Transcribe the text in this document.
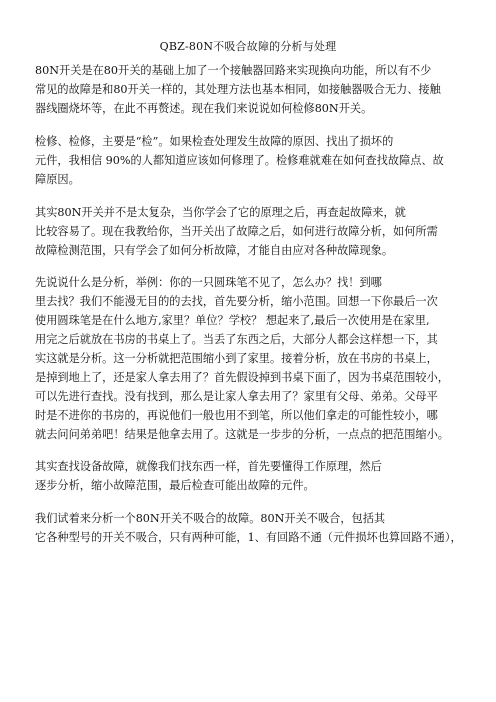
QBZ-80N不吸合故障的分析与处理
80N开关是在80开关的基础上加了一个接触器回路来实现换向功能，所以有不少
常见的故障是和80开关一样的，其处理方法也基本相同，如接触器吸合无力、接触
器线圈烧坏等，在此不再赘述。现在我们来说说如何检修80N开关。
检修、检修，主要是“检”。如果检查处理发生故障的原因、找出了损坏的
元件，我相信 90%的人都知道应该如何修理了。检修难就难在如何查找故障点、故
障原因。
其实80N开关并不是太复杂，当你学会了它的原理之后，再查起故障来，就
比较容易了。现在我教给你，当开关出了故障之后，如何进行故障分析，如何所需
故障检测范围，只有学会了如何分析故障，才能自由应对各种故障现象。
先说说什么是分析，举例：你的一只圆珠笔不见了，怎么办？找！到哪
里去找？我们不能漫无目的的去找，首先要分析，缩小范围。回想一下你最后一次
使用圆珠笔是在什么地方,家里？单位？学校？ 想起来了,最后一次使用是在家里,
用完之后就放在书房的书桌上了。当丢了东西之后，大部分人都会这样想一下，其
实这就是分析。这一分析就把范围缩小到了家里。接着分析，放在书房的书桌上，
是掉到地上了，还是家人拿去用了？首先假设掉到书桌下面了，因为书桌范围较小，
可以先进行查找。没有找到，那么是让家人拿去用了？家里有父母、弟弟。父母平
时是不进你的书房的，再说他们一般也用不到笔，所以他们拿走的可能性较小，哪
就去问问弟弟吧！结果是他拿去用了。这就是一步步的分析，一点点的把范围缩小。
其实查找设备故障，就像我们找东西一样，首先要懂得工作原理，然后
逐步分析，缩小故障范围，最后检查可能出故障的元件。
我们试着来分析一个80N开关不吸合的故障。80N开关不吸合，包括其
它各种型号的开关不吸合，只有两种可能，1、有回路不通（元件损坏也算回路不通），
